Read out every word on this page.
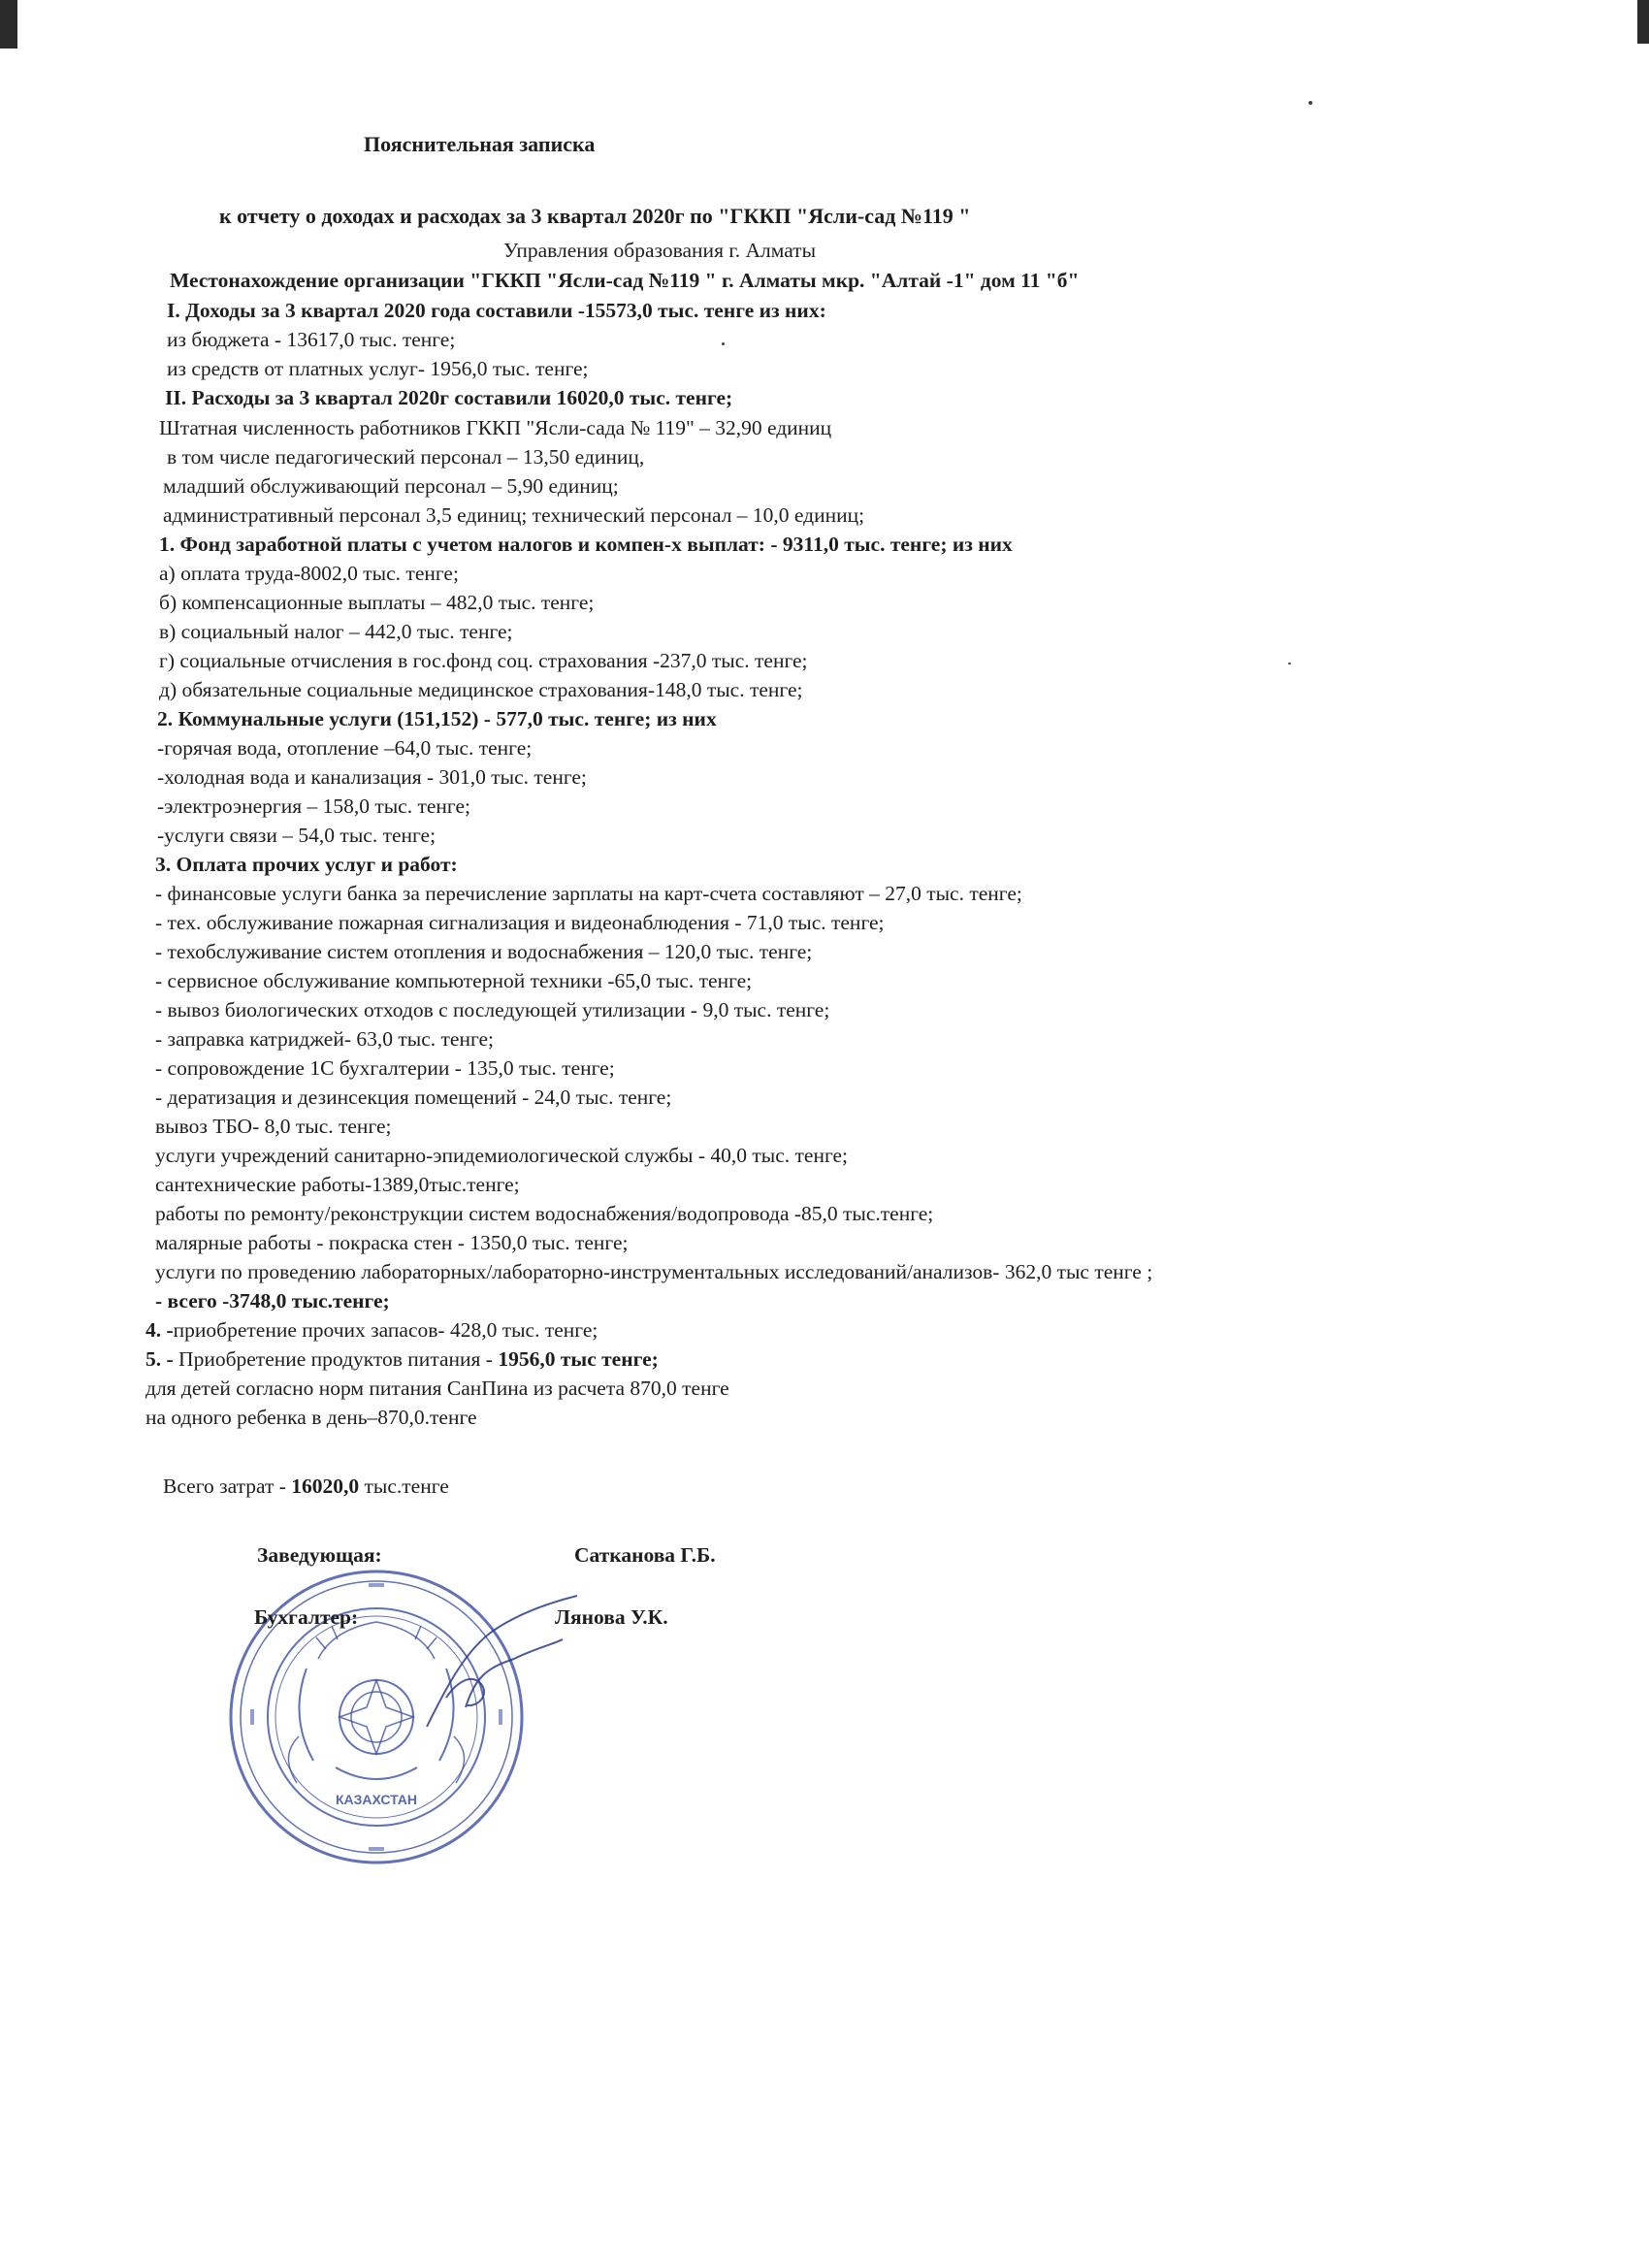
Пояснительная записка
к отчету о доходах и расходах за 3 квартал 2020г по "ГККП "Ясли-сад №119 "
Управления образования г. Алматы
Местонахождение организации "ГККП "Ясли-сад №119 " г. Алматы мкр. "Алтай -1" дом 11 "б"
I. Доходы за 3 квартал 2020 года составили -15573,0 тыс. тенге из них:
из бюджета - 13617,0 тыс. тенге;
из средств от платных услуг- 1956,0 тыс. тенге;
II. Расходы за 3 квартал 2020г составили 16020,0 тыс. тенге;
Штатная численность работников ГККП "Ясли-сада № 119" – 32,90 единиц
в том числе педагогический персонал – 13,50 единиц,
младший обслуживающий персонал – 5,90 единиц;
административный персонал 3,5 единиц; технический персонал – 10,0 единиц;
1. Фонд заработной платы с учетом налогов и компен-х выплат: - 9311,0 тыс. тенге; из них
а) оплата труда-8002,0 тыс. тенге;
б) компенсационные выплаты – 482,0 тыс. тенге;
в) социальный налог – 442,0 тыс. тенге;
г) социальные отчисления в гос.фонд соц. страхования -237,0 тыс. тенге;
д) обязательные социальные медицинское страхования-148,0 тыс. тенге;
2. Коммунальные услуги (151,152) - 577,0 тыс. тенге; из них
-горячая вода, отопление –64,0 тыс. тенге;
-холодная вода и канализация - 301,0 тыс. тенге;
-электроэнергия – 158,0 тыс. тенге;
-услуги связи – 54,0 тыс. тенге;
3. Оплата прочих услуг и работ:
- финансовые услуги банка за перечисление зарплаты на карт-счета составляют – 27,0 тыс. тенге;
- тех. обслуживание пожарная сигнализация и видеонаблюдения - 71,0 тыс. тенге;
- техобслуживание систем отопления и водоснабжения – 120,0 тыс. тенге;
- сервисное обслуживание компьютерной техники -65,0 тыс. тенге;
- вывоз биологических отходов с последующей утилизации - 9,0 тыс. тенге;
- заправка катриджей- 63,0 тыс. тенге;
- сопровождение 1С бухгалтерии - 135,0 тыс. тенге;
- дератизация и дезинсекция помещений - 24,0 тыс. тенге;
вывоз ТБО- 8,0 тыс. тенге;
услуги учреждений санитарно-эпидемиологической службы - 40,0 тыс. тенге;
сантехнические работы-1389,0тыс.тенге;
работы по ремонту/реконструкции систем водоснабжения/водопровода -85,0 тыс.тенге;
малярные работы - покраска стен - 1350,0 тыс. тенге;
услуги по проведению лабораторных/лабораторно-инструментальных исследований/анализов- 362,0 тыс тенге ;
- всего -3748,0 тыс.тенге;
4. -приобретение прочих запасов- 428,0 тыс. тенге;
5. - Приобретение продуктов питания - 1956,0 тыс тенге;
для детей согласно норм питания СанПина из расчета 870,0 тенге
на одного ребенка в день–870,0.тенге
Всего затрат - 16020,0 тыс.тенге
КАЗАХСТАН
Заведующая:	Сатканова Г.Б.
Бухгалтер:	Лянова У.К.
